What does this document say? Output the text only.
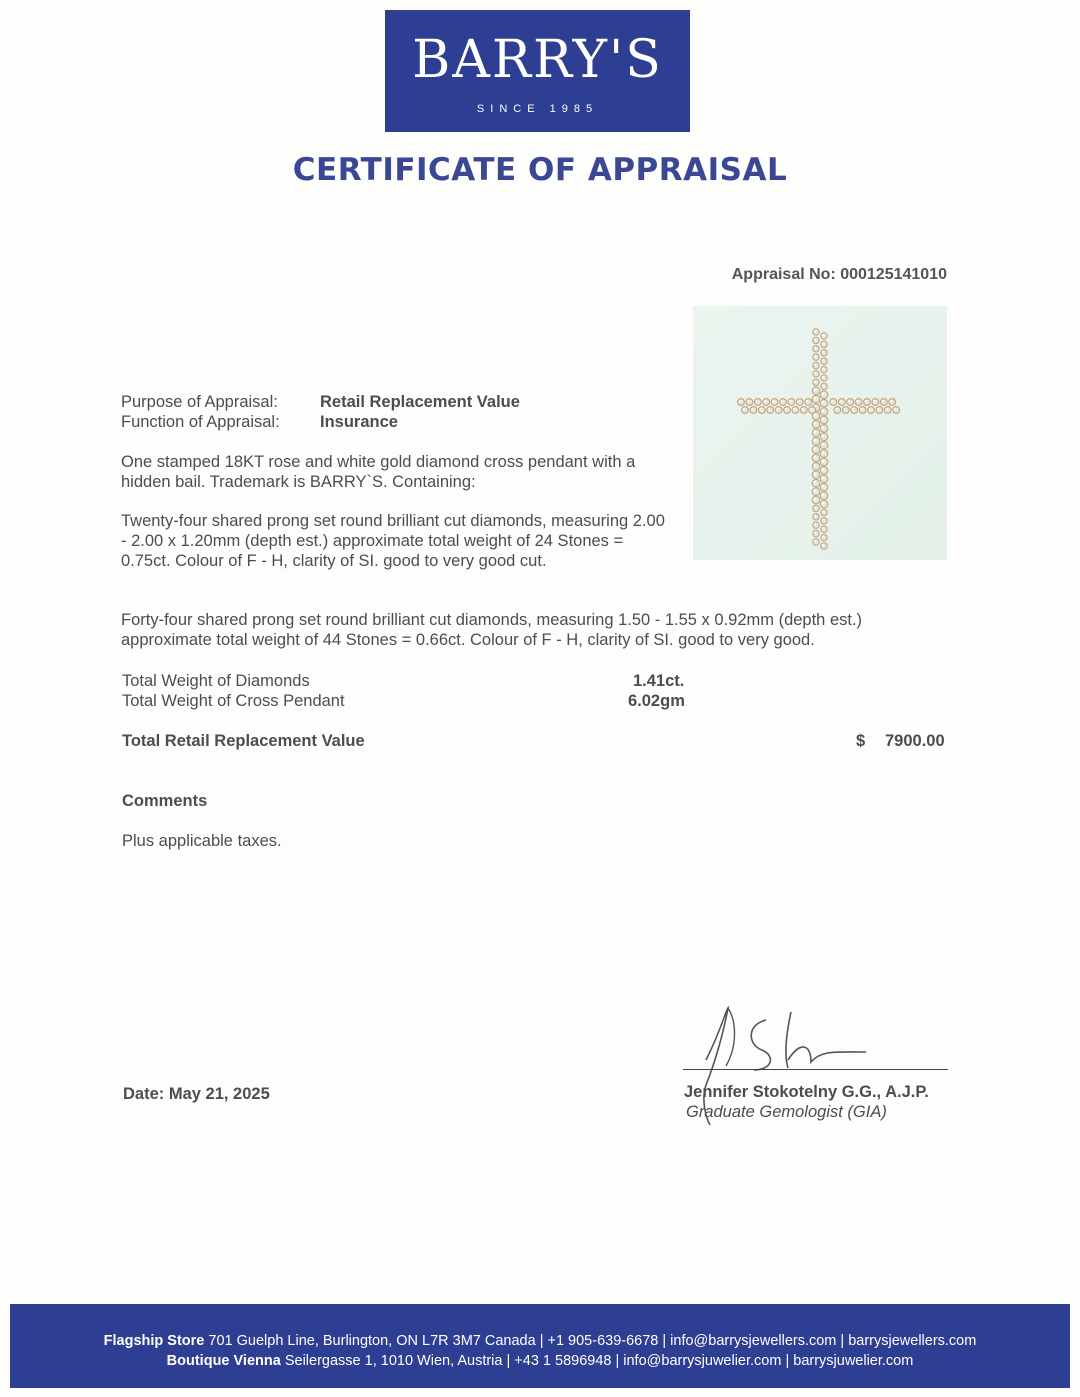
BARRY'S
SINCE 1985
CERTIFICATE OF APPRAISAL
Appraisal No: 000125141010
Purpose of Appraisal:	Retail Replacement Value
Function of Appraisal: Insurance
One stamped 18KT rose and white gold diamond cross pendant with a hidden bail. Trademark is BARRY`S. Containing:
Twenty-four shared prong set round brilliant cut diamonds, measuring 2.00 - 2.00 x 1.20mm (depth est.) approximate total weight of 24 Stones = 0.75ct. Colour of F - H, clarity of SI. good to very good cut.
Forty-four shared prong set round brilliant cut diamonds, measuring 1.50 - 1.55 x 0.92mm (depth est.) approximate total weight of 44 Stones = 0.66ct. Colour of F - H, clarity of SI. good to very good.
Total Weight of Diamonds	1.41ct.
Total Weight of Cross Pendant	6.02gm
Total Retail Replacement Value	$ 7900.00
Comments
Plus applicable taxes.
Date: May 21, 2025	Jennifer Stokotelny G.G., A.J.P.
Graduate Gemologist (GIA)
Flagship Store 701 Guelph Line, Burlington, ON L7R 3M7 Canada | +1 905-639-6678 | info@barrysjewellers.com | barrysjewellers.com
Boutique Vienna Seilergasse 1, 1010 Wien, Austria | +43 1 5896948 | info@barrysjuwelier.com | barrysjuwelier.com
